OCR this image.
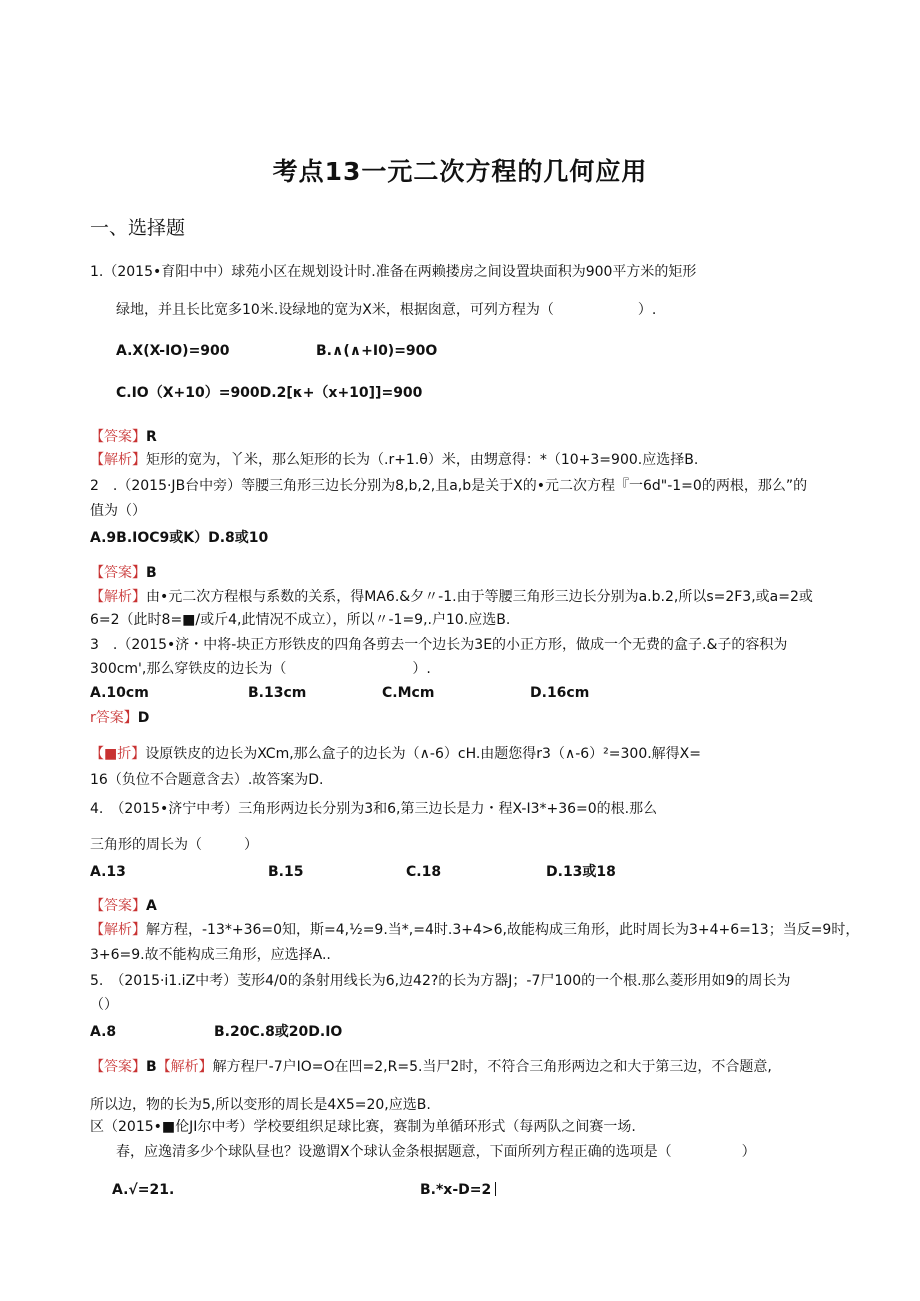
考点13一元二次方程的几何应用
一、选择题
1.（2015•育阳中中）球苑小区在规划设计时.准备在两赖搂房之间设置块面积为900平方米的矩形
绿地，并且长比宽多10米.设绿地的宽为X米，根据囱意，可列方程为（　　　　　　）.
A.X(X-IO)=900	B.∧(∧+I0)=90O
C.IO（X+10）=900D.2[κ+（x+10]]=900
【答案】R
【解析】矩形的宽为，丫米，那么矩形的长为（.r+1.θ）米，由甥意得：*（10+3=900.应选择B.
2　.（2015·JB台中旁）等腰三角形三边长分别为8,b,2,且a,b是关于X的•元二次方程『一6d"-1=0的两根，那么”的
值为（）
A.9B.IOC9或K）D.8或10
【答案】B
【解析】由•元二次方程根与系数的关系，得MA6.&夕〃-1.由于等腰三角形三边长分别为a.b.2,所以s=2F3,或a=2或
6=2（此时8=■/或斤4,此情况不成立），所以〃-1=9,.户10.应选B.
3　.（2015•济・中将-块正方形铁皮的四角各剪去一个边长为3E的小正方形，做成一个无费的盒子.&子的容积为
300cm',那么穿铁皮的边长为（　　　　　　　　　）.
A.10cm	B.13cm	C.Mcm	D.16cm
r答案】D
【■折】设原铁皮的边长为XCm,那么盒子的边长为（∧-6）cH.由题您得r3（∧-6）²=300.解得X=
16（负位不合题意含去）.故答案为D.
4.　（2015•济宁中考）三角形两边长分别为3和6,第三边长是力・程X-I3*+36=0的根.那么
三角形的周长为（　　　）
A.13	B.15	C.18	D.13或18
【答案】A
【解析】解方程，-13*+36=0知，斯=4,½=9.当*,=4时.3+4>6,故能构成三角形，此时周长为3+4+6=13；当反=9时，
3+6=9.故不能构成三角形，应选择A..
5.　（2015·i1.iZ中考）芰形4/0的条射用线长为6,边42?的长为方器J；-7尸100的一个根.那么菱形用如9的周长为
（）
A.8	B.20C.8或20D.IO
【答案】B【解析】解方程尸-7户IO=O在凹=2,R=5.当尸2时，不符合三角形两边之和大于第三边，不合题意,
所以边，物的长为5,所以变形的周长是4X5=20,应选B.
区（2015•■伦JI尔中考）学校要组织足球比赛，赛制为单循环形式（每两队之间赛一场.
春，应逸清多少个球队昼也？设邀谓X个球认金条根据题意，下面所列方程正确的选项是（　　　　　）
A.√=21.	B.*x-D=2
